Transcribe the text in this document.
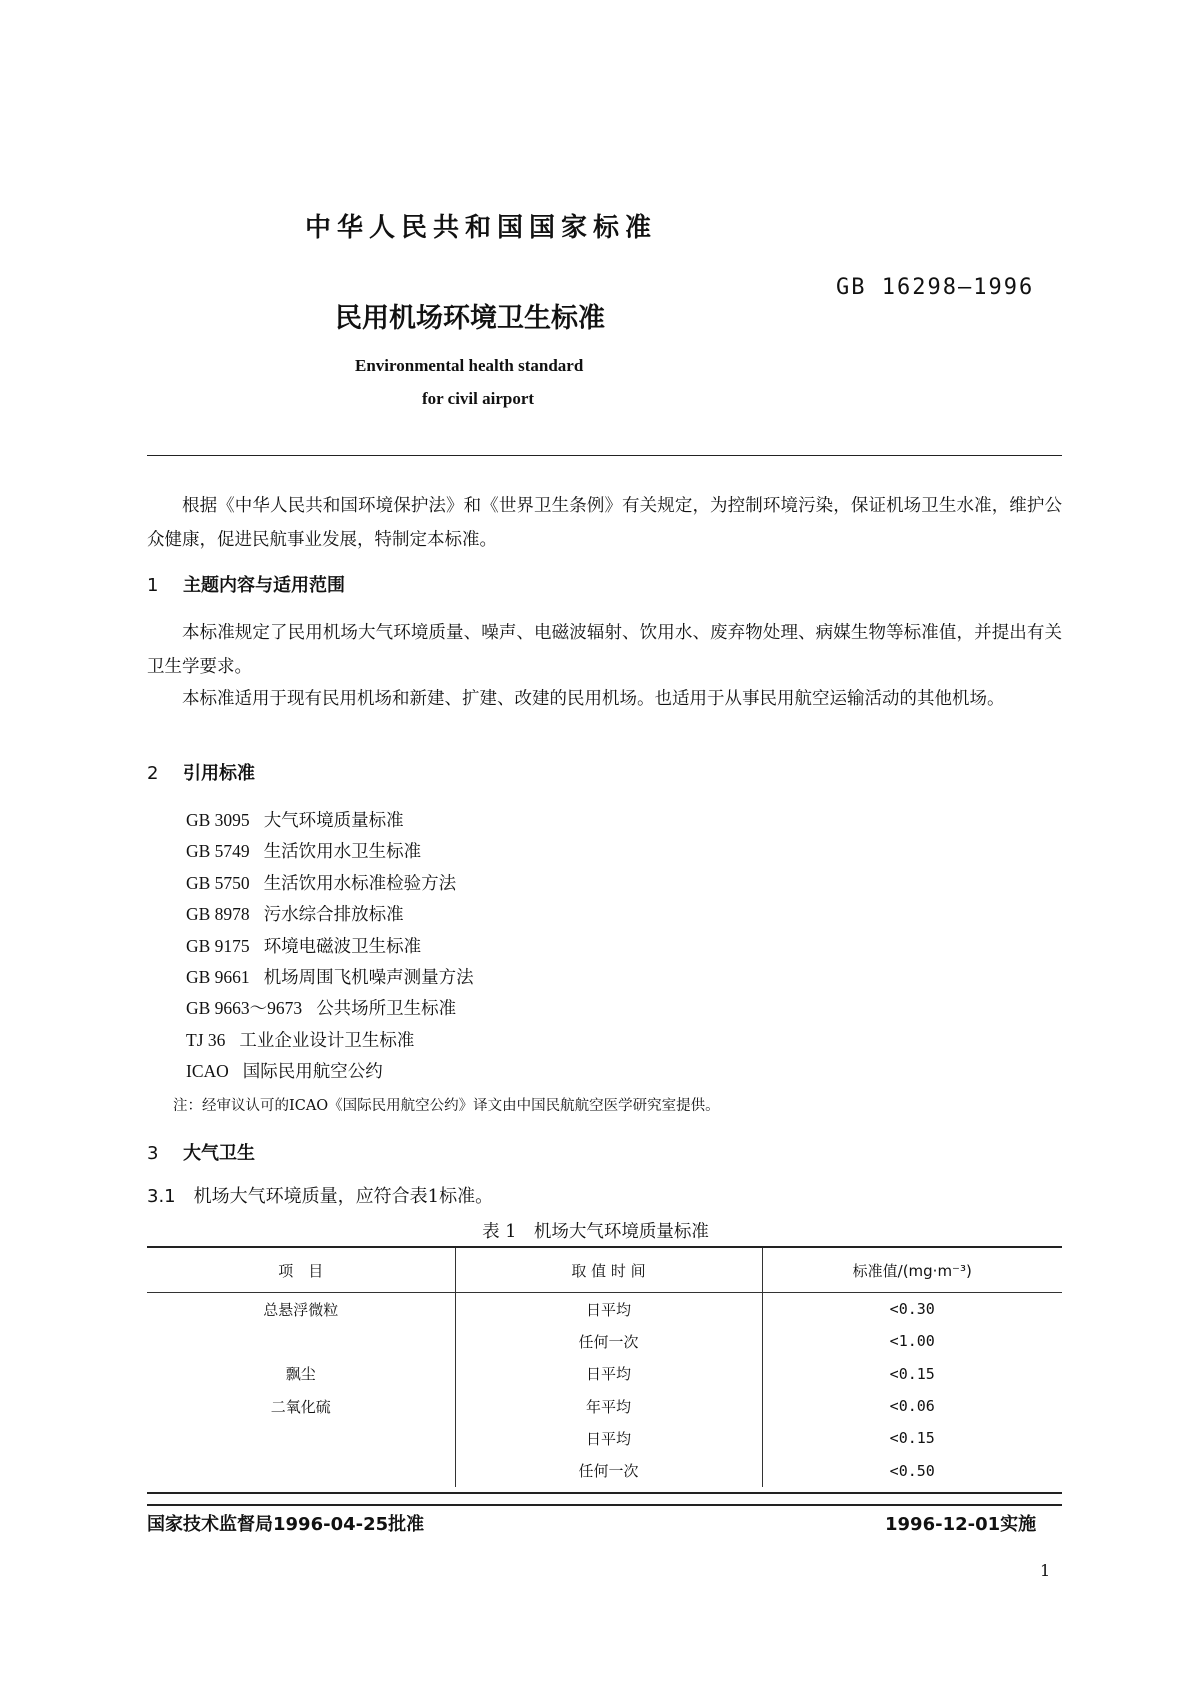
中华人民共和国国家标准
GB 16298—1996
民用机场环境卫生标准
Environmental health standard
for civil airport
根据《中华人民共和国环境保护法》和《世界卫生条例》有关规定，为控制环境污染，保证机场卫生水准，维护公众健康，促进民航事业发展，特制定本标准。
1 主题内容与适用范围
本标准规定了民用机场大气环境质量、噪声、电磁波辐射、饮用水、废弃物处理、病媒生物等标准值，并提出有关卫生学要求。
本标准适用于现有民用机场和新建、扩建、改建的民用机场。也适用于从事民用航空运输活动的其他机场。
2 引用标准
GB 3095 大气环境质量标准
GB 5749 生活饮用水卫生标准
GB 5750 生活饮用水标准检验方法
GB 8978 污水综合排放标准
GB 9175 环境电磁波卫生标准
GB 9661 机场周围飞机噪声测量方法
GB 9663～9673 公共场所卫生标准
TJ 36 工业企业设计卫生标准
ICAO 国际民用航空公约
注：经审议认可的ICAO《国际民用航空公约》译文由中国民航航空医学研究室提供。
3 大气卫生
3.1 机场大气环境质量，应符合表1标准。
表 1　机场大气环境质量标准
项　目	取 值 时 间	标准值/(mg·m⁻³)
总悬浮微粒	日平均	<0.30
	任何一次	<1.00
飘尘	日平均	<0.15
二氧化硫	年平均	<0.06
	日平均	<0.15
	任何一次	<0.50
国家技术监督局1996-04-25批准	1996-12-01实施
1
